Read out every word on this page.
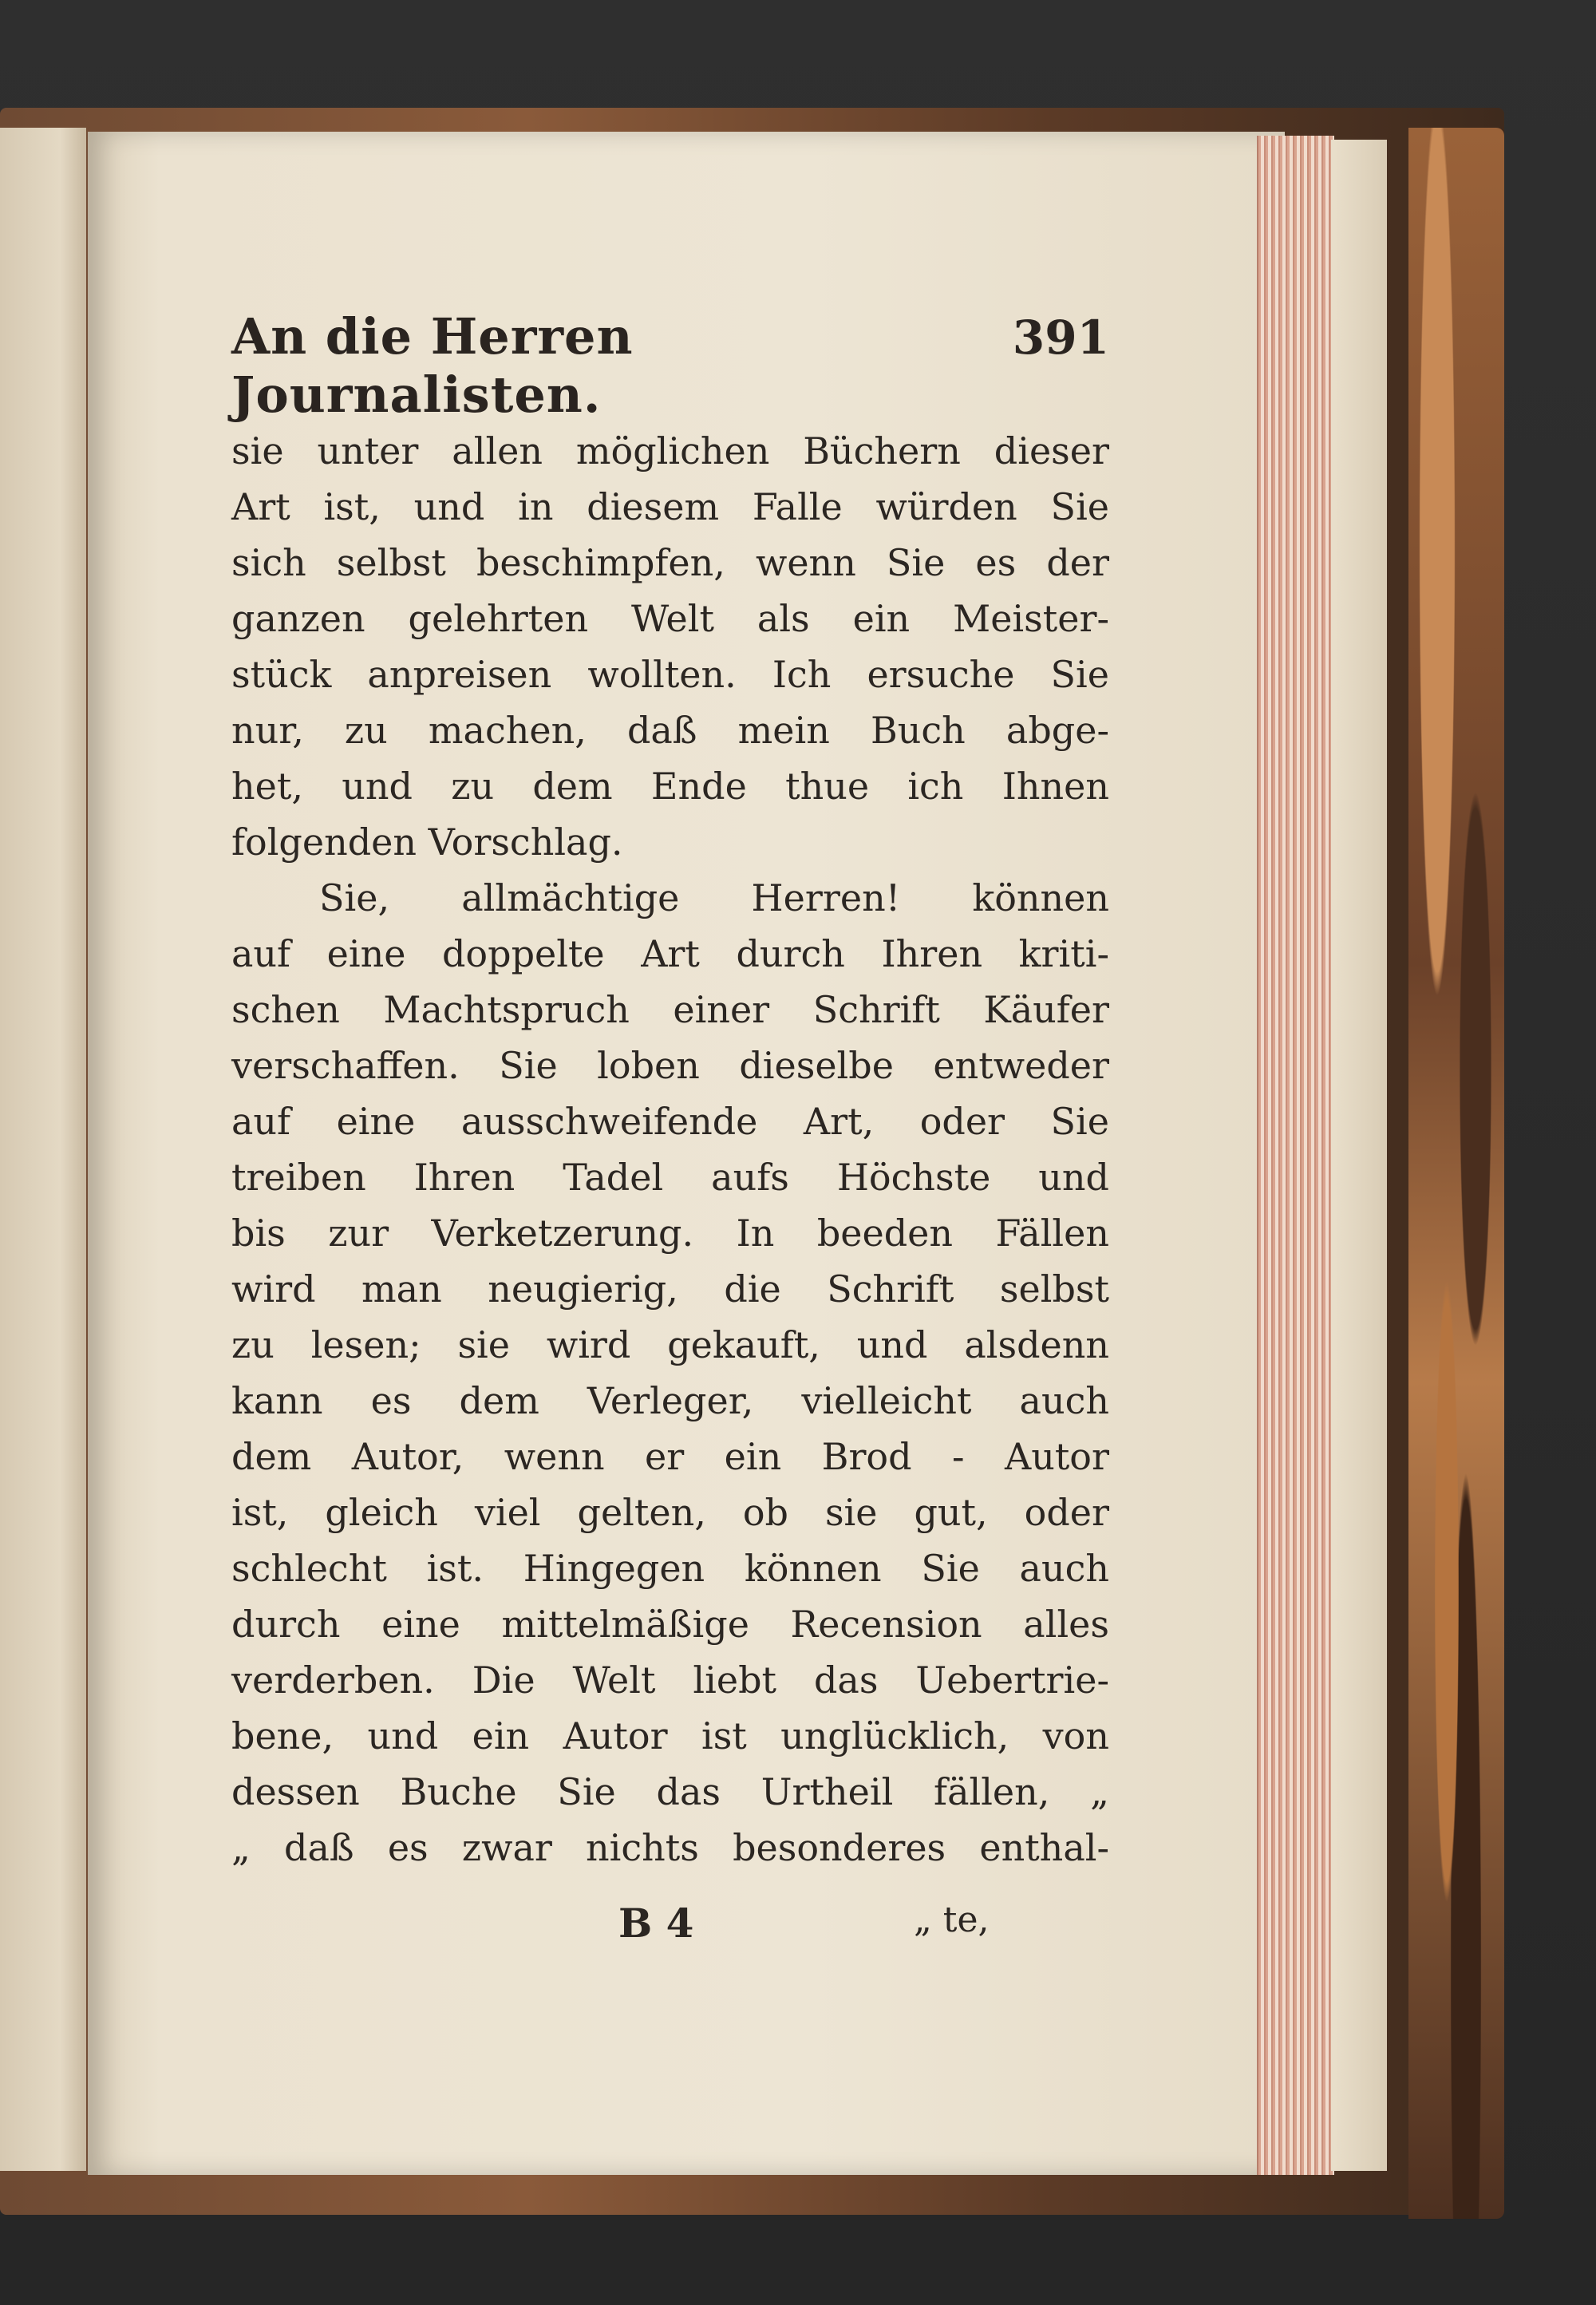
An die Herren Journalisten.
391
sie unter allen möglichen Büchern dieser
Art ist, und in diesem Falle würden Sie
sich selbst beschimpfen, wenn Sie es der
ganzen gelehrten Welt als ein Meister-
stück anpreisen wollten. Ich ersuche Sie
nur, zu machen, daß mein Buch abge-
het, und zu dem Ende thue ich Ihnen
folgenden Vorschlag.
Sie, allmächtige Herren! können
auf eine doppelte Art durch Ihren kriti-
schen Machtspruch einer Schrift Käufer
verschaffen. Sie loben dieselbe entweder
auf eine ausschweifende Art, oder Sie
treiben Ihren Tadel aufs Höchste und
bis zur Verketzerung. In beeden Fällen
wird man neugierig, die Schrift selbst
zu lesen; sie wird gekauft, und alsdenn
kann es dem Verleger, vielleicht auch
dem Autor, wenn er ein Brod - Autor
ist, gleich viel gelten, ob sie gut, oder
schlecht ist. Hingegen können Sie auch
durch eine mittelmäßige Recension alles
verderben. Die Welt liebt das Uebertrie-
bene, und ein Autor ist unglücklich, von
dessen Buche Sie das Urtheil fällen, „
„ daß es zwar nichts besonderes enthal-
B 4	„ te,
